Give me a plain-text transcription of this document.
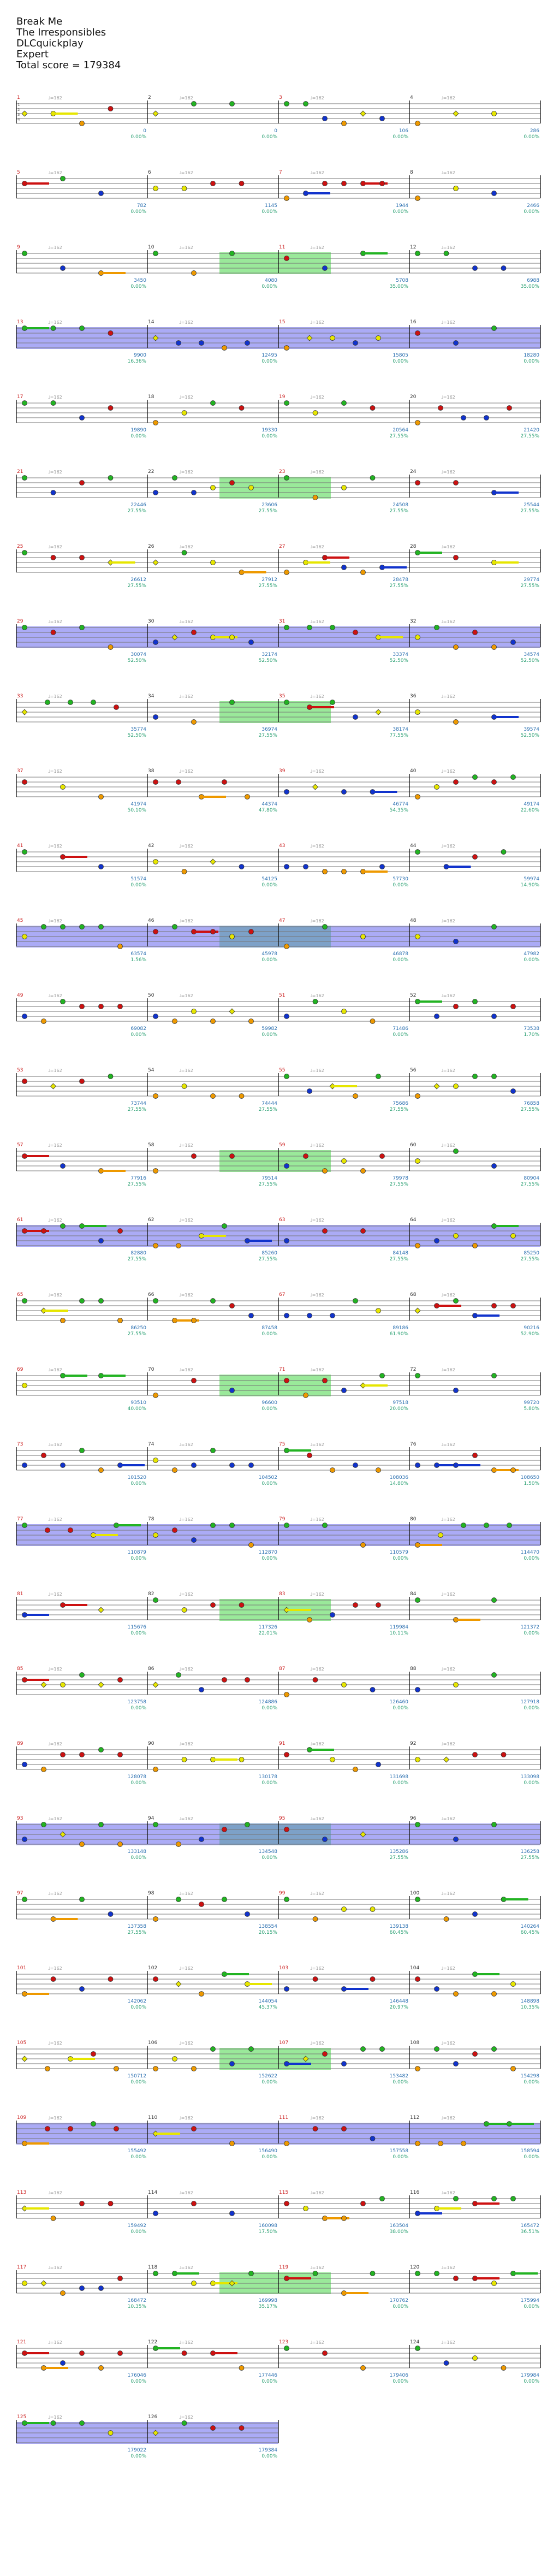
Break Me
The Irresponsibles
DLCquickplay
Expert
Total score = 179384
1	♩=162
0
0.00%
2	♩=162
0
0.00%
3	♩=162
106
0.00%
4	♩=162
286
0.00%
1
2
3
4
5	♩=162
782
0.00%
6	♩=162
1145
0.00%
7	♩=162
1944
0.00%
8	♩=162
2466
0.00%
9	♩=162
3450
0.00%
10	♩=162
4080
0.00%
11	♩=162
5708
35.00%
12	♩=162
6988
35.00%
13	♩=162
9900
16.36%
14	♩=162
12495
0.00%
15	♩=162
15805
0.00%
16	♩=162
18280
0.00%
17	♩=162
19890
0.00%
18	♩=162
19330
0.00%
19	♩=162
20564
27.55%
20	♩=162
21420
27.55%
21	♩=162
22446
27.55%
22	♩=162
23606
27.55%
23	♩=162
24508
27.55%
24	♩=162
25544
27.55%
25	♩=162
26612
27.55%
26	♩=162
27912
27.55%
27	♩=162
28478
27.55%
28	♩=162
29774
27.55%
29	♩=162
30074
52.50%
30	♩=162
32174
52.50%
31	♩=162
33374
52.50%
32	♩=162
34574
52.50%
33	♩=162
35774
52.50%
34	♩=162
36974
27.55%
35	♩=162
38174
77.55%
36	♩=162
39574
52.50%
37	♩=162
41974
50.10%
38	♩=162
44374
47.80%
39	♩=162
46774
54.35%
40	♩=162
49174
22.60%
41	♩=162
51574
0.00%
42	♩=162
54125
0.00%
43	♩=162
57730
0.00%
44	♩=162
59974
14.90%
45	♩=162
63574
1.56%
46	♩=162
45978
0.00%
47	♩=162
46878
0.00%
48	♩=162
47982
0.00%
49	♩=162
69082
0.00%
50	♩=162
59982
0.00%
51	♩=162
71486
0.00%
52	♩=162
73538
1.70%
53	♩=162
73744
27.55%
54	♩=162
74444
27.55%
55	♩=162
75686
27.55%
56	♩=162
76858
27.55%
57	♩=162
77916
27.55%
58	♩=162
79514
27.55%
59	♩=162
79978
27.55%
60	♩=162
80904
27.55%
61	♩=162
82880
27.55%
62	♩=162
85260
27.55%
63	♩=162
84148
27.55%
64	♩=162
85250
27.55%
65	♩=162
86250
27.55%
66	♩=162
87458
0.00%
67	♩=162
89186
61.90%
68	♩=162
90216
52.90%
69	♩=162
93510
40.00%
70	♩=162
96600
0.00%
71	♩=162
97518
20.00%
72	♩=162
99720
5.80%
73	♩=162
101520
0.00%
74	♩=162
104502
0.00%
75	♩=162
108036
14.80%
76	♩=162
108650
1.50%
77	♩=162
110879
0.00%
78	♩=162
112870
0.00%
79	♩=162
110579
0.00%
80	♩=162
114470
0.00%
81	♩=162
115676
0.00%
82	♩=162
117326
22.01%
83	♩=162
119984
10.11%
84	♩=162
121372
0.00%
85	♩=162
123758
0.00%
86	♩=162
124886
0.00%
87	♩=162
126460
0.00%
88	♩=162
127918
0.00%
89	♩=162
128078
0.00%
90	♩=162
130178
0.00%
91	♩=162
131698
0.00%
92	♩=162
133098
0.00%
93	♩=162
133148
0.00%
94	♩=162
134548
0.00%
95	♩=162
135286
27.55%
96	♩=162
136258
27.55%
97	♩=162
137358
27.55%
98	♩=162
138554
20.15%
99	♩=162
139138
60.45%
100	♩=162
140264
60.45%
101	♩=162
142062
0.00%
102	♩=162
144054
45.37%
103	♩=162
146448
20.97%
104	♩=162
148898
10.35%
105	♩=162
150712
0.00%
106	♩=162
152622
0.00%
107	♩=162
153482
0.00%
108	♩=162
154298
0.00%
109	♩=162
155492
0.00%
110	♩=162
156490
0.00%
111	♩=162
157558
0.00%
112	♩=162
158594
0.00%
113	♩=162
159492
0.00%
114	♩=162
160098
17.50%
115	♩=162
163504
38.00%
116	♩=162
165472
36.51%
117	♩=162
168472
10.35%
118	♩=162
169998
35.17%
119	♩=162
170762
0.00%
120	♩=162
175994
0.00%
121	♩=162
176046
0.00%
122	♩=162
177446
0.00%
123	♩=162
179406
0.00%
124	♩=162
179984
0.00%
125	♩=162
179022
0.00%
126	♩=162
179384
0.00%
